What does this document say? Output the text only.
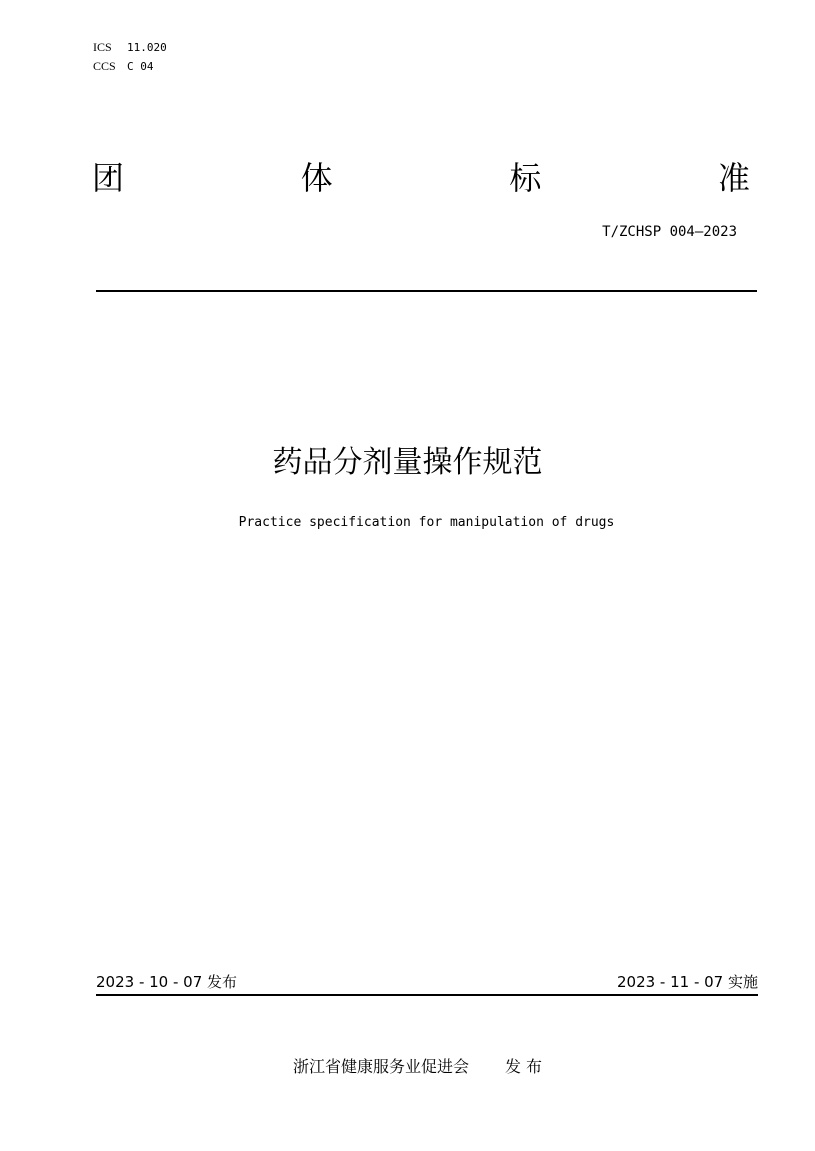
ICS 11.020
CCS C 04
团	体	标	准
T/ZCHSP 004—2023
药品分剂量操作规范
Practice specification for manipulation of drugs
2023 - 10 - 07 发布	2023 - 11 - 07 实施
浙江省健康服务业促进会 发 布
